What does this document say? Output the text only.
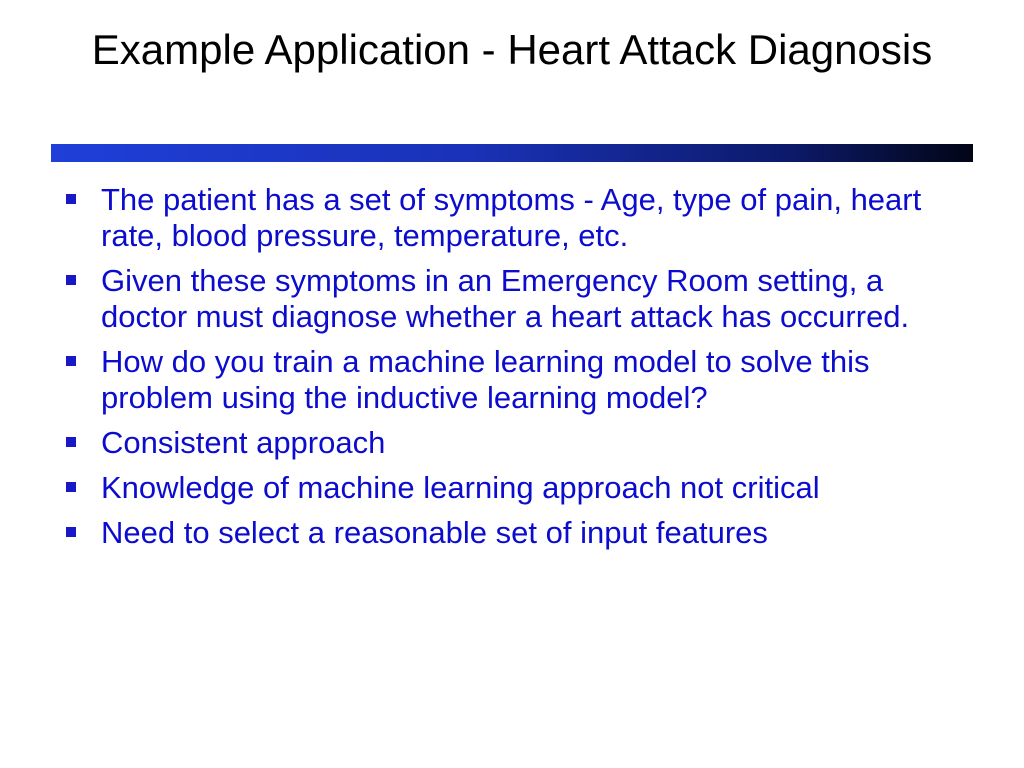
Example Application - Heart Attack Diagnosis
The patient has a set of symptoms - Age, type of pain, heart rate, blood pressure, temperature, etc.
Given these symptoms in an Emergency Room setting, a doctor must diagnose whether a heart attack has occurred.
How do you train a machine learning model to solve this problem using the inductive learning model?
Consistent approach
Knowledge of machine learning approach not critical
Need to select a reasonable set of input features
